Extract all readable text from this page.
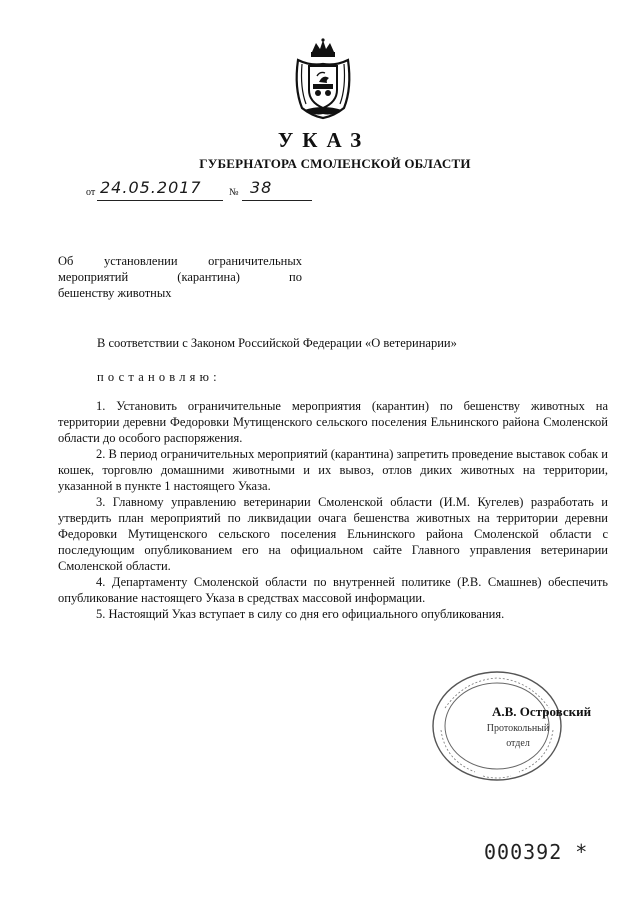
УКАЗ
ГУБЕРНАТОРА СМОЛЕНСКОЙ ОБЛАСТИ
от 24.05.2017	№ 38
Об установлении ограничительных
мероприятий	(карантина)	по
бешенству животных
В соответствии с Законом Российской Федерации «О ветеринарии»
постановляю:

1. Установить ограничительные мероприятия (карантин) по бешенству животных на территории деревни Федоровки Мутищенского сельского поселения Ельнинского района Смоленской области до особого распоряжения.

2. В период ограничительных мероприятий (карантина) запретить проведение выставок собак и кошек, торговлю домашними животными и их вывоз, отлов диких животных на территории, указанной в пункте 1 настоящего Указа.

3. Главному управлению ветеринарии Смоленской области (И.М. Кугелев) разработать и утвердить план мероприятий по ликвидации очага бешенства животных на территории деревни Федоровки Мутищенского сельского поселения Ельнинского района Смоленской области с последующим опубликованием его на официальном сайте Главного управления ветеринарии Смоленской области.

4. Департаменту Смоленской области по внутренней политике (Р.В. Смашнев) обеспечить опубликование настоящего Указа в средствах массовой информации.

5. Настоящий Указ вступает в силу со дня его официального опубликования.

А.В. Островский
Протокольный
отдел
000392 *
